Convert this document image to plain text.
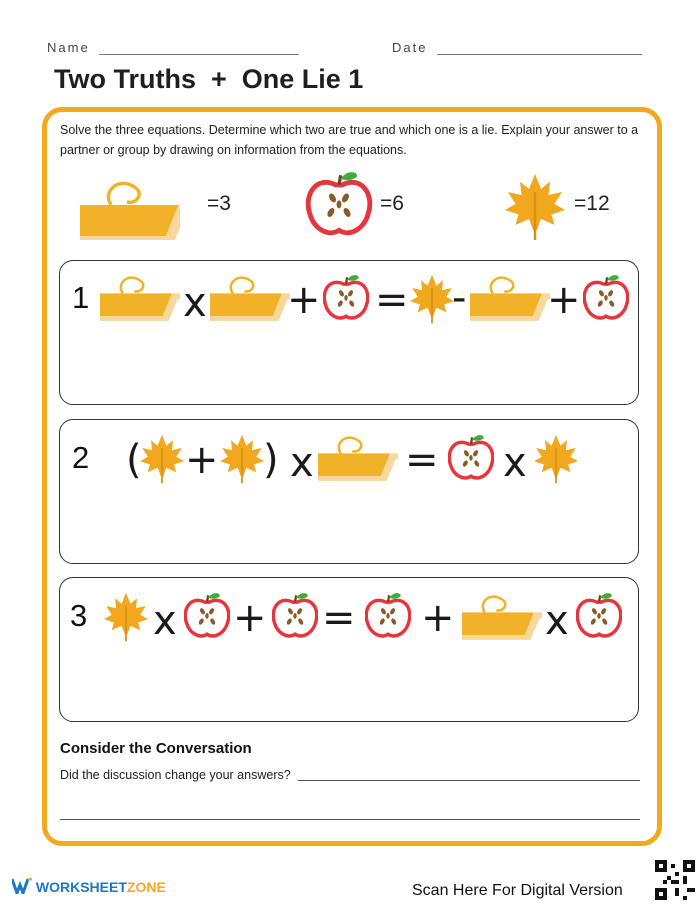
Name	Date
Two Truths  +  One Lie 1
Solve the three equations. Determine which two are true and which one is a lie. Explain your answer to a partner or group by drawing on information from the equations.
=3	=6	=12
1 x + = - +
2 ( + ) x = x
3 x + = + x
Consider the Conversation
Did the discussion change your answers?
WORKSHEETZONE	Scan Here For Digital Version
